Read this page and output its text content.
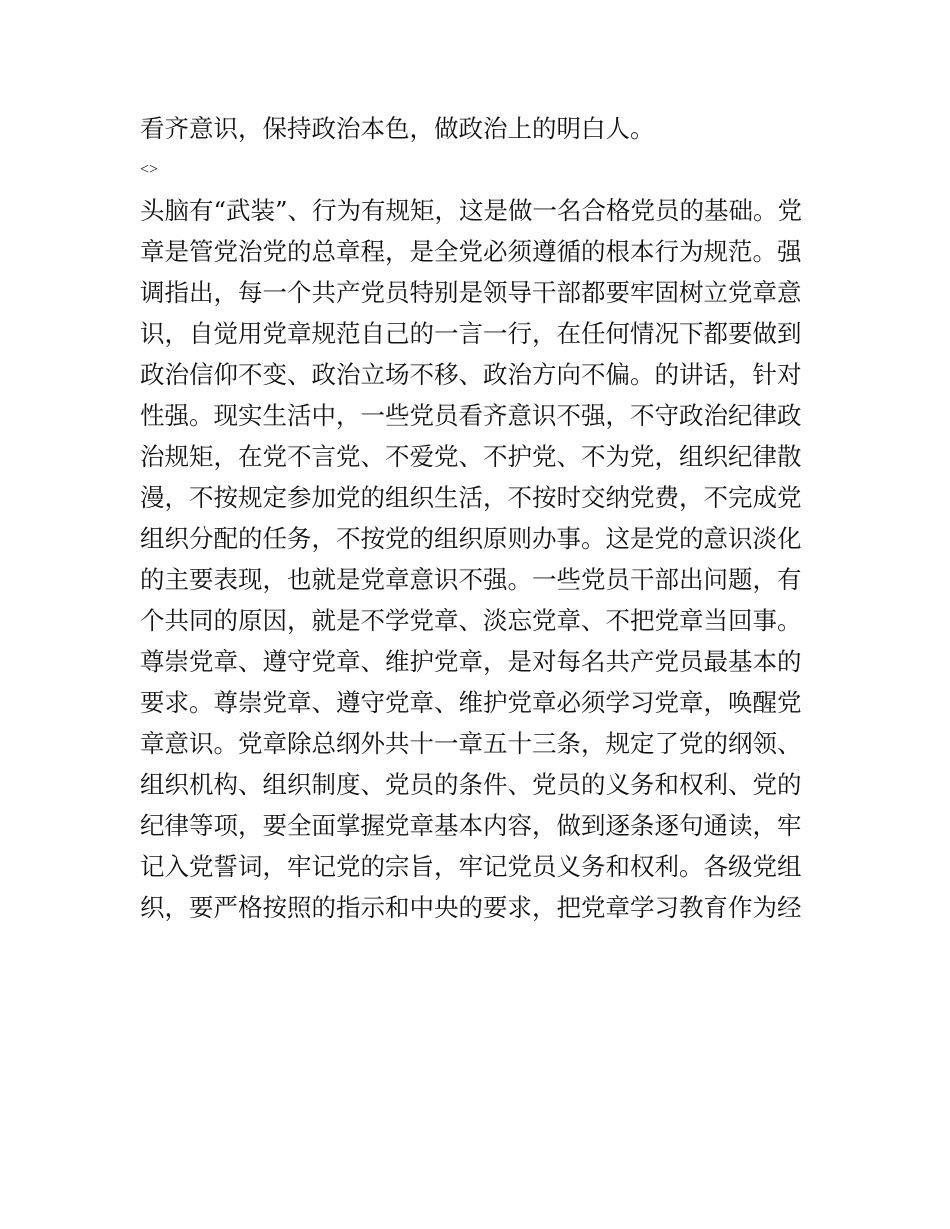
看齐意识，保持政治本色，做政治上的明白人。
<>
头脑有“武装”、行为有规矩，这是做一名合格党员的基础。党
章是管党治党的总章程，是全党必须遵循的根本行为规范。强
调指出，每一个共产党员特别是领导干部都要牢固树立党章意
识，自觉用党章规范自己的一言一行，在任何情况下都要做到
政治信仰不变、政治立场不移、政治方向不偏。的讲话，针对
性强。现实生活中，一些党员看齐意识不强，不守政治纪律政
治规矩，在党不言党、不爱党、不护党、不为党，组织纪律散
漫，不按规定参加党的组织生活，不按时交纳党费，不完成党
组织分配的任务，不按党的组织原则办事。这是党的意识淡化
的主要表现，也就是党章意识不强。一些党员干部出问题，有
个共同的原因，就是不学党章、淡忘党章、不把党章当回事。
尊崇党章、遵守党章、维护党章，是对每名共产党员最基本的
要求。尊崇党章、遵守党章、维护党章必须学习党章，唤醒党
章意识。党章除总纲外共十一章五十三条，规定了党的纲领、
组织机构、组织制度、党员的条件、党员的义务和权利、党的
纪律等项，要全面掌握党章基本内容，做到逐条逐句通读，牢
记入党誓词，牢记党的宗旨，牢记党员义务和权利。各级党组
织，要严格按照的指示和中央的要求，把党章学习教育作为经
